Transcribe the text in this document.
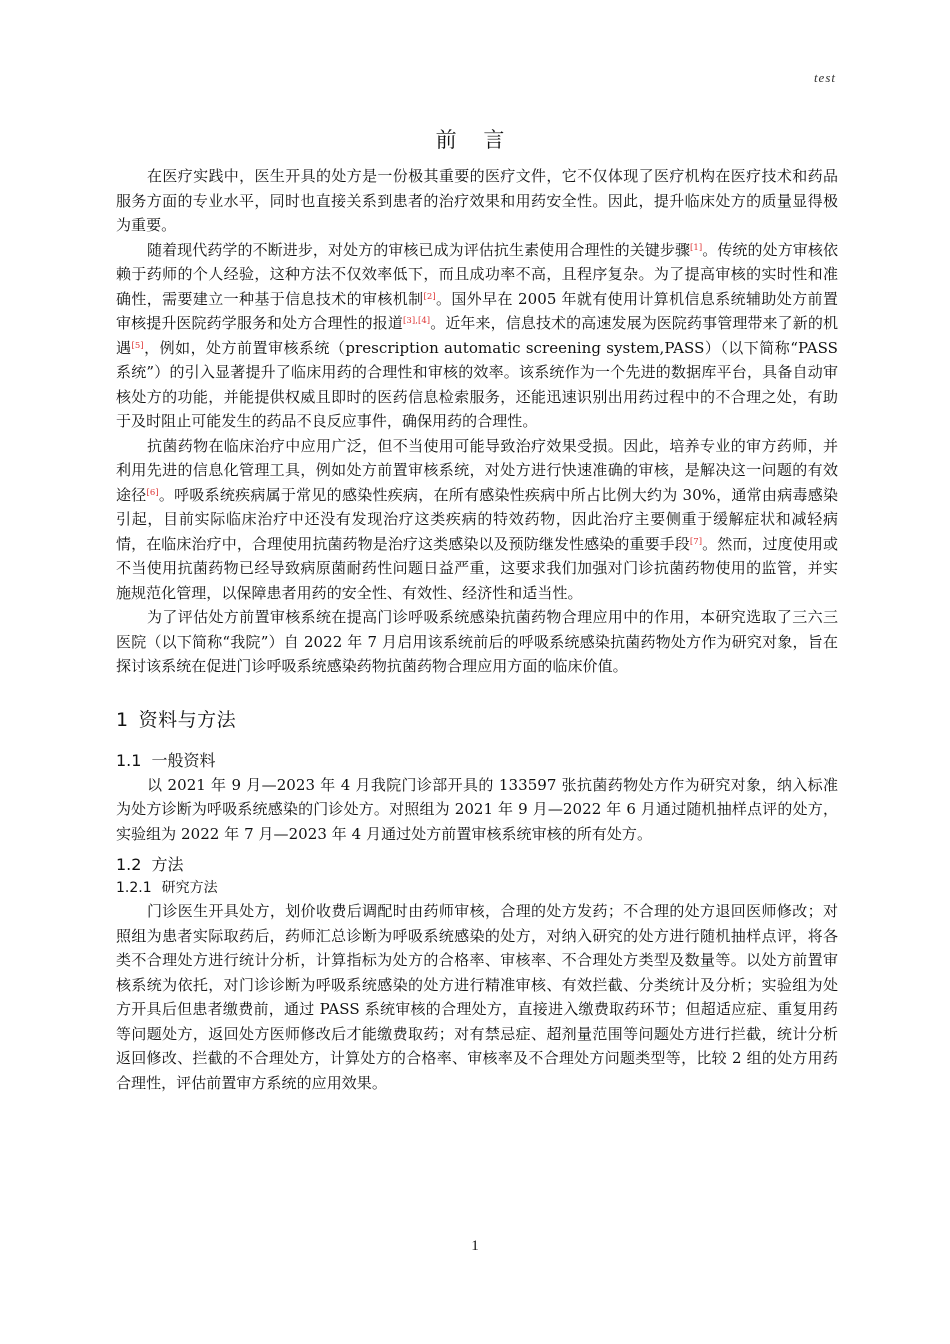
test
前 言

在医疗实践中，医生开具的处方是一份极其重要的医疗文件，它不仅体现了医疗机构在医疗技术和药品服务方面的专业水平，同时也直接关系到患者的治疗效果和用药安全性。因此，提升临床处方的质量显得极为重要。

随着现代药学的不断进步，对处方的审核已成为评估抗生素使用合理性的关键步骤[1]。传统的处方审核依赖于药师的个人经验，这种方法不仅效率低下，而且成功率不高，且程序复杂。为了提高审核的实时性和准确性，需要建立一种基于信息技术的审核机制[2]。国外早在 2005 年就有使用计算机信息系统辅助处方前置审核提升医院药学服务和处方合理性的报道[3],[4]。近年来，信息技术的高速发展为医院药事管理带来了新的机遇[5]，例如，处方前置审核系统（prescription automatic screening system,PASS）（以下简称“PASS 系统”）的引入显著提升了临床用药的合理性和审核的效率。该系统作为一个先进的数据库平台，具备自动审核处方的功能，并能提供权威且即时的医药信息检索服务，还能迅速识别出用药过程中的不合理之处，有助于及时阻止可能发生的药品不良反应事件，确保用药的合理性。

抗菌药物在临床治疗中应用广泛，但不当使用可能导致治疗效果受损。因此，培养专业的审方药师，并利用先进的信息化管理工具，例如处方前置审核系统，对处方进行快速准确的审核，是解决这一问题的有效途径[6]。呼吸系统疾病属于常见的感染性疾病，在所有感染性疾病中所占比例大约为 30%，通常由病毒感染引起，目前实际临床治疗中还没有发现治疗这类疾病的特效药物，因此治疗主要侧重于缓解症状和减轻病情，在临床治疗中，合理使用抗菌药物是治疗这类感染以及预防继发性感染的重要手段[7]。然而，过度使用或不当使用抗菌药物已经导致病原菌耐药性问题日益严重，这要求我们加强对门诊抗菌药物使用的监管，并实施规范化管理，以保障患者用药的安全性、有效性、经济性和适当性。

为了评估处方前置审核系统在提高门诊呼吸系统感染抗菌药物合理应用中的作用，本研究选取了三六三医院（以下简称“我院”）自 2022 年 7 月启用该系统前后的呼吸系统感染抗菌药物处方作为研究对象，旨在探讨该系统在促进门诊呼吸系统感染药物抗菌药物合理应用方面的临床价值。

1 资料与方法
1.1 一般资料

以 2021 年 9 月—2023 年 4 月我院门诊部开具的 133597 张抗菌药物处方作为研究对象，纳入标准为处方诊断为呼吸系统感染的门诊处方。对照组为 2021 年 9 月—2022 年 6 月通过随机抽样点评的处方，实验组为 2022 年 7 月—2023 年 4 月通过处方前置审核系统审核的所有处方。

1.2 方法
1.2.1 研究方法

门诊医生开具处方，划价收费后调配时由药师审核，合理的处方发药；不合理的处方退回医师修改；对照组为患者实际取药后，药师汇总诊断为呼吸系统感染的处方，对纳入研究的处方进行随机抽样点评，将各类不合理处方进行统计分析，计算指标为处方的合格率、审核率、不合理处方类型及数量等。以处方前置审核系统为依托，对门诊诊断为呼吸系统感染的处方进行精准审核、有效拦截、分类统计及分析；实验组为处方开具后但患者缴费前，通过 PASS 系统审核的合理处方，直接进入缴费取药环节；但超适应症、重复用药等问题处方，返回处方医师修改后才能缴费取药；对有禁忌症、超剂量范围等问题处方进行拦截，统计分析返回修改、拦截的不合理处方，计算处方的合格率、审核率及不合理处方问题类型等，比较 2 组的处方用药合理性，评估前置审方系统的应用效果。

1
